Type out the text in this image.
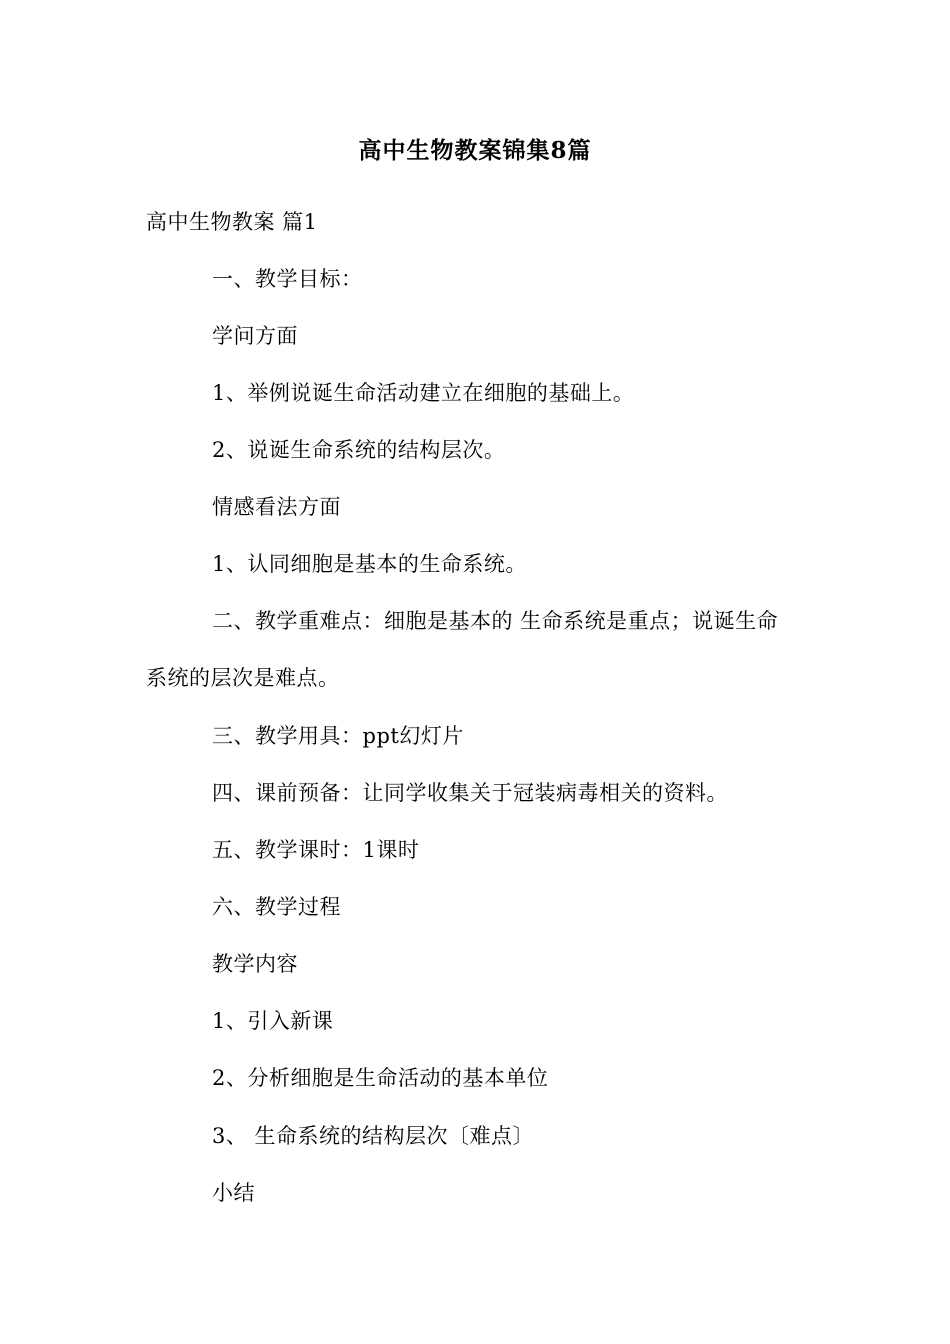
高中生物教案锦集8篇
高中生物教案 篇1
一、教学目标：
学问方面
1、举例说诞生命活动建立在细胞的基础上。
2、说诞生命系统的结构层次。
情感看法方面
1、认同细胞是基本的生命系统。
二、教学重难点：细胞是基本的 生命系统是重点；说诞生命
系统的层次是难点。
三、教学用具：ppt幻灯片
四、课前预备：让同学收集关于冠装病毒相关的资料。
五、教学课时：1课时
六、教学过程
教学内容
1、引入新课
2、分析细胞是生命活动的基本单位
3、 生命系统的结构层次〔难点〕
小结
